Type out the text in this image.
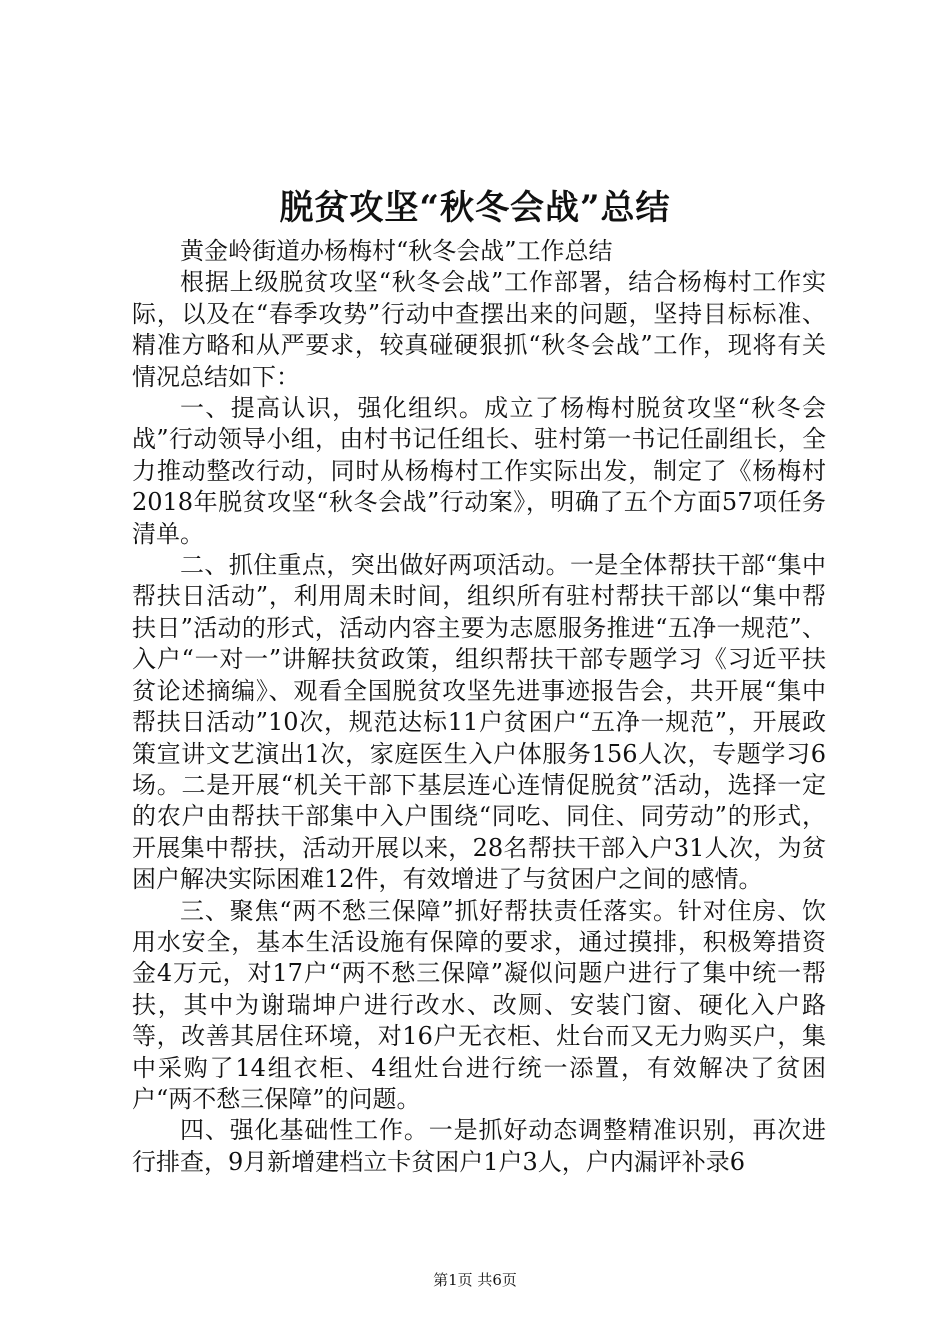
脱贫攻坚“秋冬会战”总结

黄金岭街道办杨梅村“秋冬会战”工作总结

根据上级脱贫攻坚“秋冬会战”工作部署，结合杨梅村工作实际，以及在“春季攻势”行动中查摆出来的问题，坚持目标标准、精准方略和从严要求，较真碰硬狠抓“秋冬会战”工作，现将有关情况总结如下：

一、提高认识，强化组织。成立了杨梅村脱贫攻坚“秋冬会战”行动领导小组，由村书记任组长、驻村第一书记任副组长，全力推动整改行动，同时从杨梅村工作实际出发，制定了《杨梅村2018年脱贫攻坚“秋冬会战”行动案》，明确了五个方面57项任务清单。

二、抓住重点，突出做好两项活动。一是全体帮扶干部“集中帮扶日活动”，利用周未时间，组织所有驻村帮扶干部以“集中帮扶日”活动的形式，活动内容主要为志愿服务推进“五净一规范”、入户“一对一”讲解扶贫政策，组织帮扶干部专题学习《习近平扶贫论述摘编》、观看全国脱贫攻坚先进事迹报告会，共开展“集中帮扶日活动”10次，规范达标11户贫困户“五净一规范”，开展政策宣讲文艺演出1次，家庭医生入户体服务156人次，专题学习6场。二是开展“机关干部下基层连心连情促脱贫”活动，选择一定的农户由帮扶干部集中入户围绕“同吃、同住、同劳动”的形式，开展集中帮扶，活动开展以来，28名帮扶干部入户31人次，为贫困户解决实际困难12件，有效增进了与贫困户之间的感情。

三、聚焦“两不愁三保障”抓好帮扶责任落实。针对住房、饮用水安全，基本生活设施有保障的要求，通过摸排，积极筹措资金4万元，对17户“两不愁三保障”凝似问题户进行了集中统一帮扶，其中为谢瑞坤户进行改水、改厕、安装门窗、硬化入户路等，改善其居住环境，对16户无衣柜、灶台而又无力购买户，集中采购了14组衣柜、4组灶台进行统一添置，有效解决了贫困户“两不愁三保障”的问题。

四、强化基础性工作。一是抓好动态调整精准识别，再次进行排查，9月新增建档立卡贫困户1户3人，户内漏评补录6

第1页 共6页
